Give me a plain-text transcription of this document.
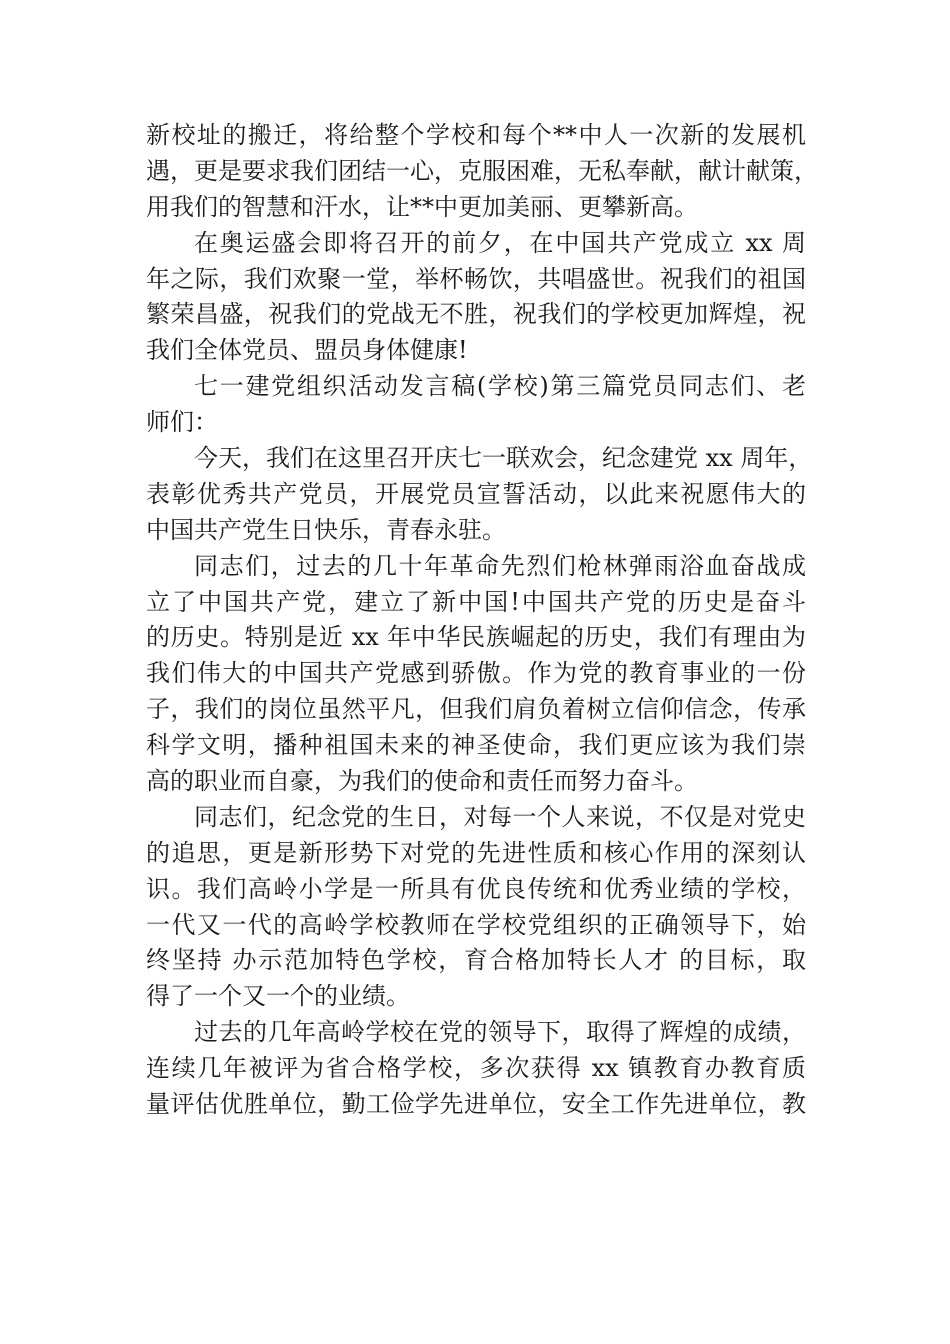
新校址的搬迁，将给整个学校和每个**中人一次新的发展机
遇，更是要求我们团结一心，克服困难，无私奉献，献计献策，
用我们的智慧和汗水，让**中更加美丽、更攀新高。
在奥运盛会即将召开的前夕，在中国共产党成立 xx 周
年之际，我们欢聚一堂，举杯畅饮，共唱盛世。祝我们的祖国
繁荣昌盛，祝我们的党战无不胜，祝我们的学校更加辉煌，祝
我们全体党员、盟员身体健康!
七一建党组织活动发言稿(学校)第三篇党员同志们、老
师们：
今天，我们在这里召开庆七一联欢会，纪念建党 xx 周年，
表彰优秀共产党员，开展党员宣誓活动，以此来祝愿伟大的
中国共产党生日快乐，青春永驻。
同志们，过去的几十年革命先烈们枪林弹雨浴血奋战成
立了中国共产党，建立了新中国!中国共产党的历史是奋斗
的历史。特别是近 xx 年中华民族崛起的历史，我们有理由为
我们伟大的中国共产党感到骄傲。作为党的教育事业的一份
子，我们的岗位虽然平凡，但我们肩负着树立信仰信念，传承
科学文明，播种祖国未来的神圣使命，我们更应该为我们崇
高的职业而自豪，为我们的使命和责任而努力奋斗。
同志们，纪念党的生日，对每一个人来说，不仅是对党史
的追思，更是新形势下对党的先进性质和核心作用的深刻认
识。我们高岭小学是一所具有优良传统和优秀业绩的学校，
一代又一代的高岭学校教师在学校党组织的正确领导下，始
终坚持 办示范加特色学校，育合格加特长人才 的目标，取
得了一个又一个的业绩。
过去的几年高岭学校在党的领导下，取得了辉煌的成绩，
连续几年被评为省合格学校，多次获得 xx 镇教育办教育质
量评估优胜单位，勤工俭学先进单位，安全工作先进单位，教
